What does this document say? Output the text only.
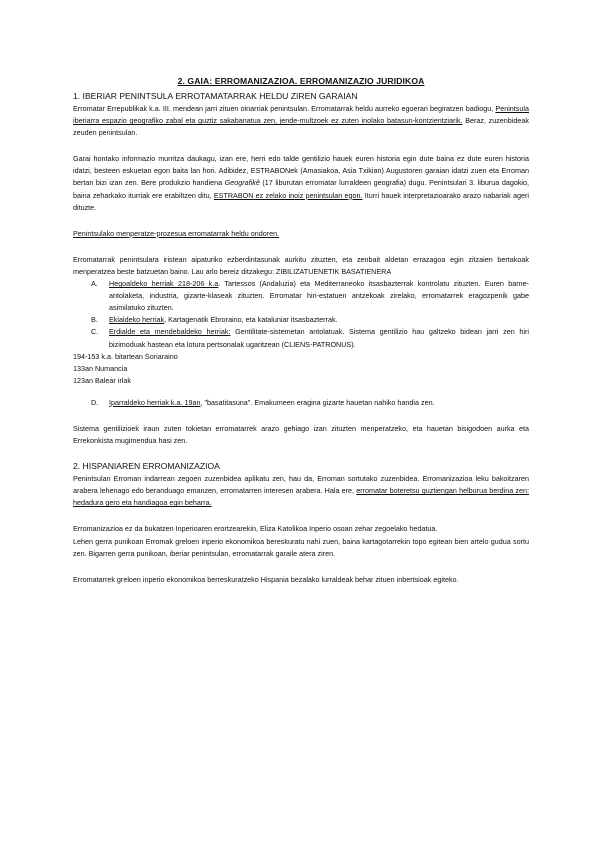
2. GAIA: ERROMANIZAZIOA. ERROMANIZAZIO JURIDIKOA
1. IBERIAR PENINTSULA ERROTAMATARRAK HELDU ZIREN GARAIAN

Erromatar Errepublikak k.a. III. mendean jarri zituen oinarriak penintsulan. Erromatarrak heldu aurreko egoerari begiratzen badiogu, Penintsula iberiarra espazio geografiko zabal eta guztiz sakabanatua zen, jende-multzoek ez zuten inolako batasun-kontzientziarik. Beraz, zuzenbideak zeuden penintsulan.

Garai hontako informazio murritza daukagu, izan ere, herri edo talde gentilizio hauek euren historia egin dute baina ez dute euren historia idatzi, besteen eskuetan egon baita lan hori. Adibidez, ESTRABONek (Amasiakoa, Asia Txikian) Augustoren garaian idatzi zuen eta Erroman bertan bizi izan zen. Bere produkzio handiena Geografikê (17 liburutan erromatar lurraldeen geografia) dugu. Penintsulari 3. liburua dagokio, baina zeharkako iturriak ere erabiltzen ditu, ESTRABON ez zelako inoiz penintsulan egon. Iturri hauek interpretazioarako arazo nabariak ageri dituzte.

Penintsulako menperatze-prozesua erromatarrak heldu ondoren.

Erromatarrak penintsulara iristean aipaturiko ezberdintasunak aurkitu zituzten, eta zenbait aldetan errazagoa egin zitzaien bertakoak menperatzea beste batzuetan baino. Lau arlo bereiz ditzakegu: ZIBILIZATUENETIK BASATIENERA

A. Hegoaldeko herriak 218-206 k.a. Tartessos (Andaluzia) eta Mediterraneoko itsasbazterrak kontrolatu zituzten. Euren barne-antolaketa, industria, gizarte-klaseak zituzten. Erromatar hiri-estatuen antzekoak zirelako, erromatarrek eragozpenik gabe asimilatuko zituzten.
B. Ekialdeko herriak, Kartagenatik Ebroraino, eta kataluniar itsasbazterrak.
C. Erdialde eta mendebaldeko herriak: Gentilitate-sistemetan antolatuak. Sistema gentilizio hau galtzeko bidean jarri zen hiri bizimoduak hastean eta lotura pertsonalak ugaritzean (CLIENS-PATRONUS).
194-153 k.a. bitartean Soriaraino
133an Numancia
123an Balear irlak
D. Iparraldeko herriak k.a. 19an, "basatitasuna". Emakumeen eragina gizarte hauetan nahiko handia zen.

Sistema gentilizioek iraun zuten tokietan erromatarrek arazo gehiago izan zituzten menperatzeko, eta hauetan bisigodoen aurka eta Errekonkista mugimendua hasi zen.

2. HISPANIAREN ERROMANIZAZIOA

Penintsulan Erroman indarrean zegoen zuzenbidea aplikatu zen, hau da, Erroman sortutako zuzenbidea. Erromanizazioa leku bakoitzaren arabera lehenago edo beranduago emanzen, erromatarren interesen arabera. Hala ere, erromatar boteretsu guztiengan helburua berdina zen: hedadura gero eta handiagoa egin beharra.

Erromanizazioa ez da bukatzen Inperioaren erortzearekin, Eliza Katolikoa Inperio osoan zehar zegoelako hedatua.

Lehen gerra punikoan Erromak greloen inperio ekonomikoa bereskuratu nahi zuen, baina kartagotarrekin topo egitean bien artelo gudua sortu zen. Bigarren gerra punikoan, iberiar penintsulan, erromatarrak garaile atera ziren.

Erromatarrek greloen inperio ekonomikoa berreskuratzeko Hispania bezalako lurraldeak behar zituen inbertsioak egiteko.
